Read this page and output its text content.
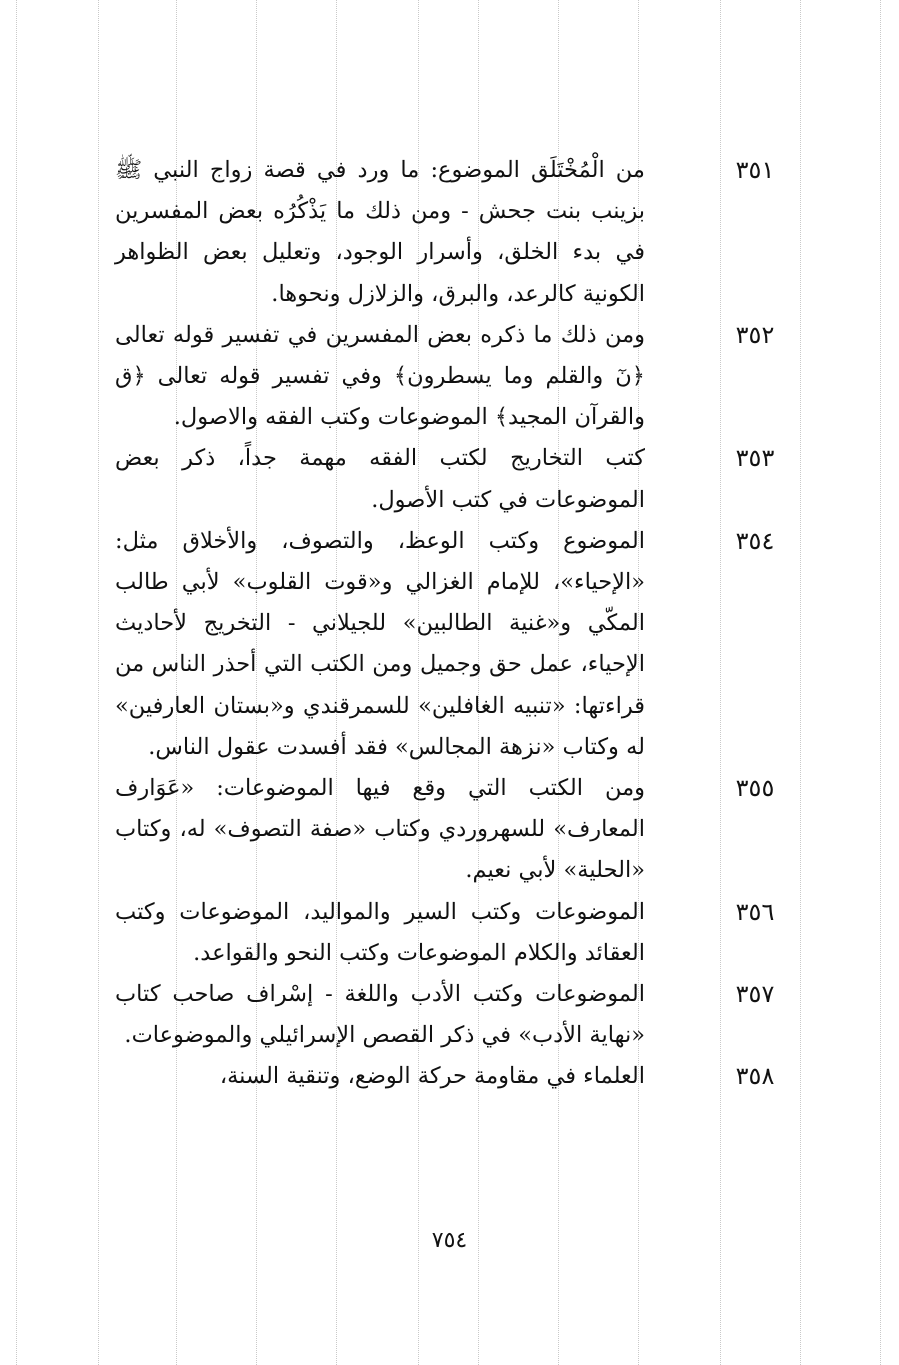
٣٥١
من الْمُخْتَلَق الموضوع: ما ورد في قصة زواج النبي ﷺ بزينب بنت جحش - ومن ذلك ما يَذْكُرُه بعض المفسرين في بدء الخلق، وأسرار الوجود، وتعليل بعض الظواهر الكونية كالرعد، والبرق، والزلازل ونحوها.
٣٥٢
ومن ذلك ما ذكره بعض المفسرين في تفسير قوله تعالى ﴿نٓ والقلم وما يسطرون﴾ وفي تفسير قوله تعالى ﴿ق والقرآن المجيد﴾ الموضوعات وكتب الفقه والاصول.
٣٥٣
كتب التخاريج لكتب الفقه مهمة جداً، ذكر بعض الموضوعات في كتب الأصول.
٣٥٤
الموضوع وكتب الوعظ، والتصوف، والأخلاق مثل: «الإحياء»، للإمام الغزالي و«قوت القلوب» لأبي طالب المكّي و«غنية الطالبين» للجيلاني - التخريج لأحاديث الإحياء، عمل حق وجميل ومن الكتب التي أحذر الناس من قراءتها: «تنبيه الغافلين» للسمرقندي و«بستان العارفين» له وكتاب «نزهة المجالس» فقد أفسدت عقول الناس.
٣٥٥
ومن الكتب التي وقع فيها الموضوعات: «عَوَارف المعارف» للسهروردي وكتاب «صفة التصوف» له، وكتاب «الحلية» لأبي نعيم.
٣٥٦
الموضوعات وكتب السير والمواليد، الموضوعات وكتب العقائد والكلام الموضوعات وكتب النحو والقواعد.
٣٥٧
الموضوعات وكتب الأدب واللغة - إسْراف صاحب كتاب «نهاية الأدب» في ذكر القصص الإسرائيلي والموضوعات.
٣٥٨
العلماء في مقاومة حركة الوضع، وتنقية السنة،
٧٥٤
